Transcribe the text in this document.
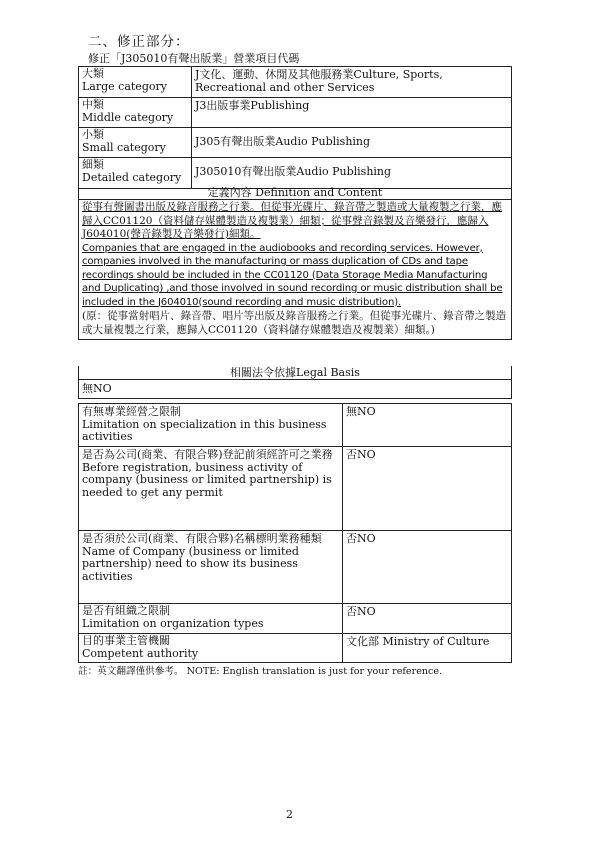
二、修正部分：
修正「J305010有聲出版業」營業項目代碼
大類
Large category
J文化、運動、休閒及其他服務業Culture, Sports, Recreational and other Services
中類
Middle category
J3出版事業Publishing
小類
Small category	J305有聲出版業Audio Publishing
細類
Detailed category	J305010有聲出版業Audio Publishing
定義內容 Definition and Content
從事有聲圖書出版及錄音服務之行業。但從事光碟片、錄音帶之製造或大量複製之行業，應歸入CC01120（資料儲存媒體製造及複製業）細類；從事聲音錄製及音樂發行，應歸入J604010(聲音錄製及音樂發行)細類。
Companies that are engaged in the audiobooks and recording services. However, companies involved in the manufacturing or mass duplication of CDs and tape recordings should be included in the CC01120 (Data Storage Media Manufacturing and Duplicating) ,and those involved in sound recording or music distribution shall be included in the J604010(sound recording and music distribution).
(原：從事當射唱片、錄音帶、唱片等出版及錄音服務之行業。但從事光碟片、錄音帶之製造或大量複製之行業，應歸入CC01120（資料儲存媒體製造及複製業）細類。)
相關法令依據Legal Basis
無NO
有無專業經營之限制
Limitation on specialization in this business activities
無NO
是否為公司(商業、有限合夥)登記前須經許可之業務
Before registration, business activity of company (business or limited partnership) is needed to get any permit
否NO
是否須於公司(商業、有限合夥)名稱標明業務種類
Name of Company (business or limited partnership) need to show its business activities
否NO
是否有組織之限制
Limitation on organization types
否NO
目的事業主管機關
Competent authority
文化部 Ministry of Culture
註：英文翻譯僅供參考。 NOTE: English translation is just for your reference.
2
